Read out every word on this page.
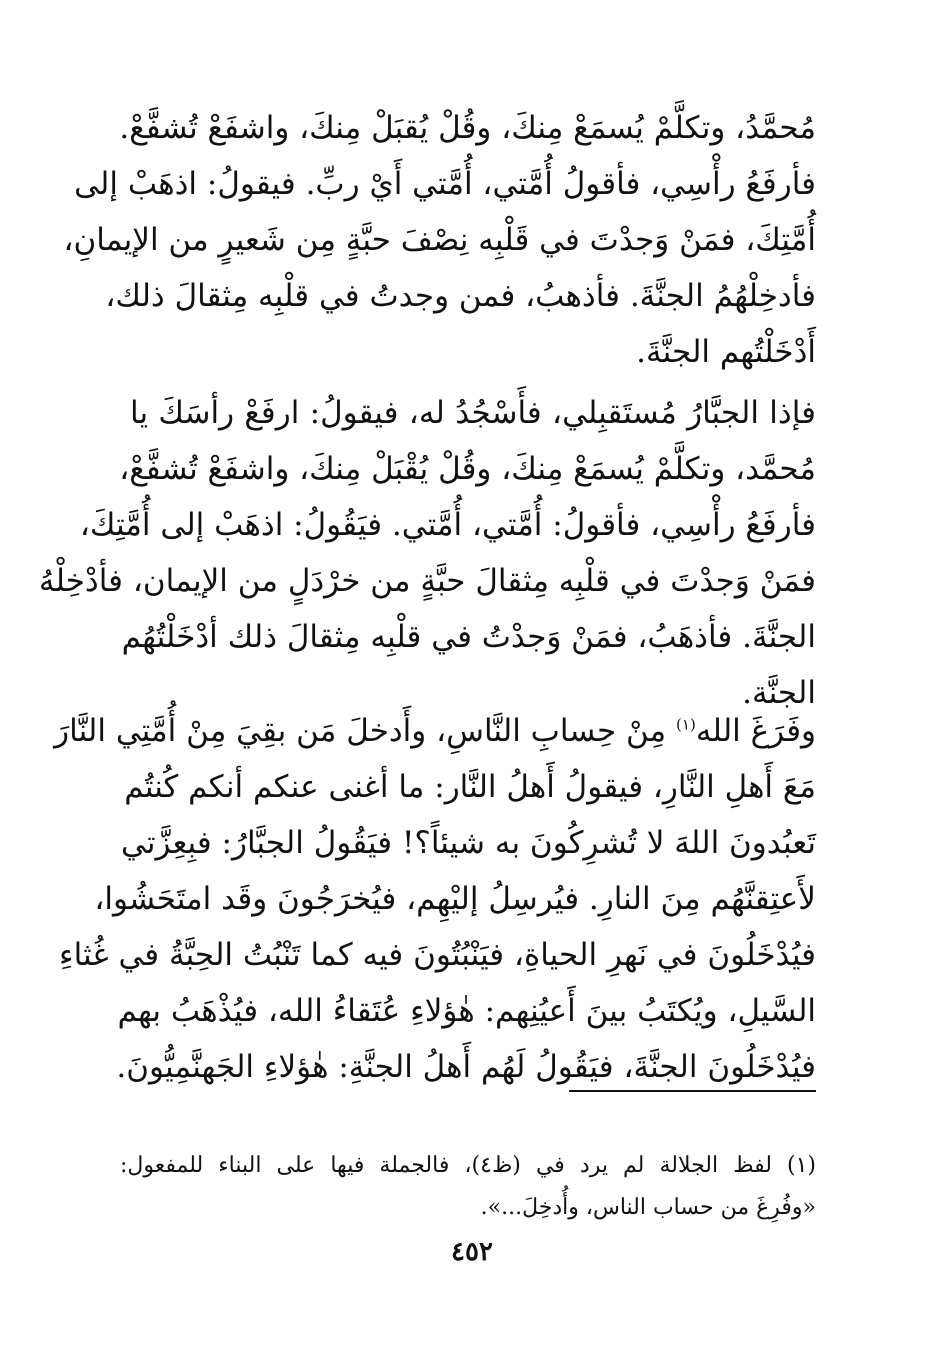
مُحمَّدُ، وتكلَّمْ يُسمَعْ مِنكَ، وقُلْ يُقبَلْ مِنكَ، واشفَعْ تُشفَّعْ.
فأرفَعُ رأْسِي، فأقولُ أُمَّتي، أُمَّتي أَيْ ربِّ. فيقولُ: اذهَبْ إلى
أُمَّتِكَ، فمَنْ وَجدْتَ في قَلْبِه نِصْفَ حبَّةٍ مِن شَعيرٍ من الإيمانِ،
فأدخِلْهُمُ الجنَّةَ. فأذهبُ، فمن وجدتُ في قلْبِه مِثقالَ ذلك،
أَدْخَلْتُهم الجنَّةَ.
فإذا الجبَّارُ مُستَقبِلي، فأَسْجُدُ له، فيقولُ: ارفَعْ رأسَكَ يا
مُحمَّد، وتكلَّمْ يُسمَعْ مِنكَ، وقُلْ يُقْبَلْ مِنكَ، واشفَعْ تُشفَّعْ،
فأرفَعُ رأْسِي، فأقولُ: أُمَّتي، أُمَّتي. فيَقُولُ: اذهَبْ إلى أُمَّتِكَ،
فمَنْ وَجدْتَ في قلْبِه مِثقالَ حبَّةٍ من خرْدَلٍ من الإيمان، فأدْخِلْهُ
الجنَّةَ. فأذهَبُ، فمَنْ وَجدْتُ في قلْبِه مِثقالَ ذلك أدْخَلْتُهُم
الجنَّة.
وفَرَغَ الله$^{(١)}$ مِنْ حِسابِ النَّاسِ، وأَدخلَ مَن بقِيَ مِنْ أُمَّتِي النَّارَ
مَعَ أَهلِ النَّارِ، فيقولُ أَهلُ النَّار: ما أغنى عنكم أنكم كُنتُم
تَعبُدونَ اللهَ لا تُشرِكُونَ به شيئاً؟! فيَقُولُ الجبَّارُ: فبِعِزَّتي
لأَعتِقنَّهُم مِنَ النارِ. فيُرسِلُ إليْهِم، فيُخرَجُونَ وقَد امتَحَشُوا،
فيُدْخَلُونَ في نَهرِ الحياةِ، فيَنْبُتُونَ فيه كما تَنْبُتُ الحِبَّةُ في غُثاءِ
السَّيلِ، ويُكتَبُ بينَ أَعيُنِهم: هٰؤلاءِ عُتَقاءُ الله، فيُذْهَبُ بهم
فيُدْخَلُونَ الجنَّةَ، فيَقُولُ لَهُم أَهلُ الجنَّةِ: هٰؤلاءِ الجَهنَّمِيُّونَ.
(١) لفظ الجلالة لم يرد في (ظ٤)، فالجملة فيها على البناء للمفعول:
«وفُرِغَ من حساب الناس، وأُدخِلَ...».
٤٥٢
